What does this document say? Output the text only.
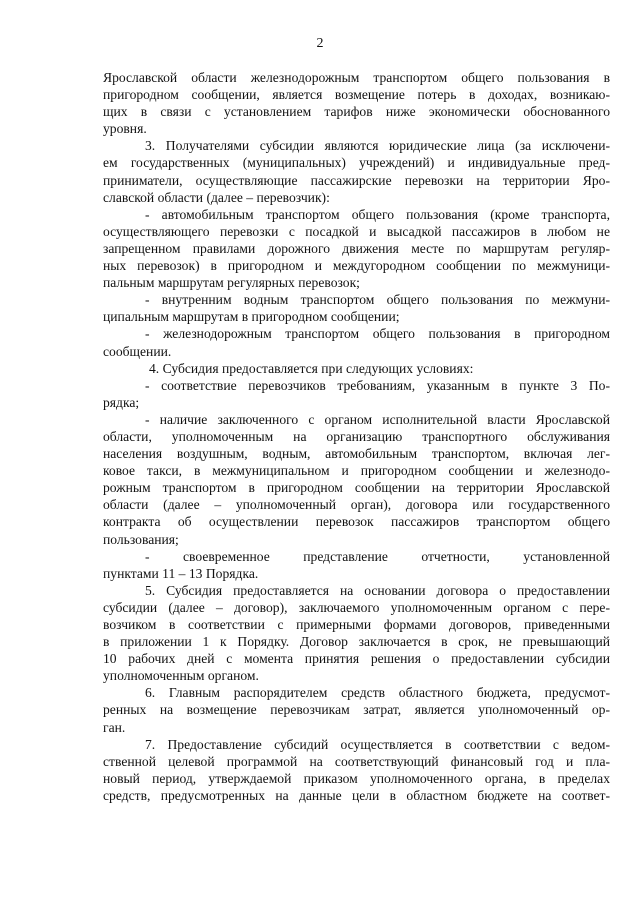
2
Ярославской области железнодорожным транспортом общего пользования в
пригородном сообщении, является возмещение потерь в доходах, возникаю-
щих в связи с установлением тарифов ниже экономически обоснованного
уровня.
3. Получателями субсидии являются юридические лица (за исключени-
ем государственных (муниципальных) учреждений) и индивидуальные пред-
приниматели, осуществляющие пассажирские перевозки на территории Яро-
славской области (далее – перевозчик):
- автомобильным транспортом общего пользования (кроме транспорта,
осуществляющего перевозки с посадкой и высадкой пассажиров в любом не
запрещенном правилами дорожного движения месте по маршрутам регуляр-
ных перевозок) в пригородном и междугородном сообщении по межмуници-
пальным маршрутам регулярных перевозок;
- внутренним водным транспортом общего пользования по межмуни-
ципальным маршрутам в пригородном сообщении;
- железнодорожным транспортом общего пользования в пригородном
сообщении.
4. Субсидия предоставляется при следующих условиях:
- соответствие перевозчиков требованиям, указанным в пункте 3 По-
рядка;
- наличие заключенного с органом исполнительной власти Ярославской
области, уполномоченным на организацию транспортного обслуживания
населения воздушным, водным, автомобильным транспортом, включая лег-
ковое такси, в межмуниципальном и пригородном сообщении и железнодо-
рожным транспортом в пригородном сообщении на территории Ярославской
области (далее – уполномоченный орган), договора или государственного
контракта об осуществлении перевозок пассажиров транспортом общего
пользования;
- своевременное представление отчетности, установленной
пунктами 11 – 13 Порядка.
5. Субсидия предоставляется на основании договора о предоставлении
субсидии (далее – договор), заключаемого уполномоченным органом с пере-
возчиком в соответствии с примерными формами договоров, приведенными
в приложении 1 к Порядку. Договор заключается в срок, не превышающий
10 рабочих дней с момента принятия решения о предоставлении субсидии
уполномоченным органом.
6. Главным распорядителем средств областного бюджета, предусмот-
ренных на возмещение перевозчикам затрат, является уполномоченный ор-
ган.
7. Предоставление субсидий осуществляется в соответствии с ведом-
ственной целевой программой на соответствующий финансовый год и пла-
новый период, утверждаемой приказом уполномоченного органа, в пределах
средств, предусмотренных на данные цели в областном бюджете на соответ-
